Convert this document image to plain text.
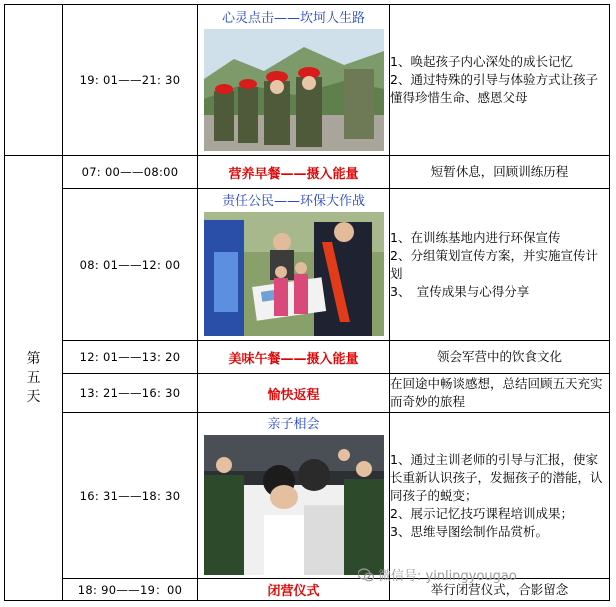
	19: 01——21: 30	心灵点击——坎坷人生路	1、唤起孩子内心深处的成长记忆

2、通过特殊的引导与体验方式让孩子懂得珍惜生命、感恩父母

第
五
天	07: 00——08:00	营养早餐——摄入能量	短暂休息，回顾训练历程
	08: 01——12: 00	责任公民——环保大作战	1、在训练基地内进行环保宣传

2、分组策划宣传方案，并实施宣传计划

3、　宣传成果与心得分享

	12: 01——13: 20	美味午餐——摄入能量	领会军营中的饮食文化
	13: 21——16: 30	愉快返程	在回途中畅谈感想，总结回顾五天充实而奇妙的旅程
	16: 31——18: 30	亲子相会	1、通过主训老师的引导与汇报，使家长重新认识孩子，发掘孩子的潜能，认同孩子的蜕变；

2、展示记忆技巧课程培训成果；

3、思维导图绘制作品赏析。

	18: 90——19：00	闭营仪式	举行闭营仪式，合影留念
微信号: yinlingyougao
